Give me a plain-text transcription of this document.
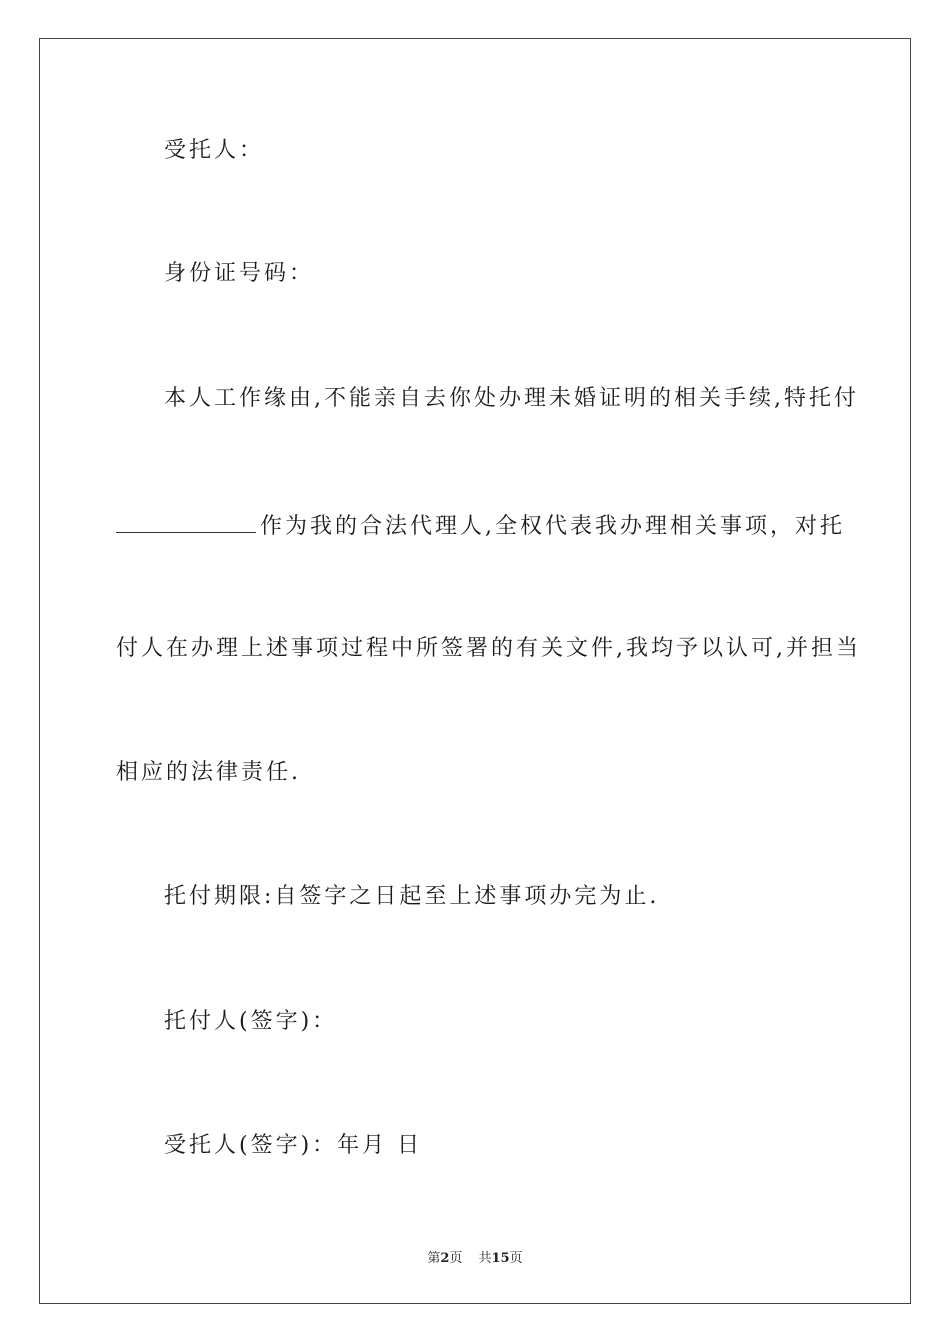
受托人：
身份证号码：
本人工作缘由,不能亲自去你处办理未婚证明的相关手续,特托付
作为我的合法代理人,全权代表我办理相关事项，对托
付人在办理上述事项过程中所签署的有关文件,我均予以认可,并担当
相应的法律责任.
托付期限:自签字之日起至上述事项办完为止.
托付人(签字)：
受托人(签字)：年月 日
第2页 共15页
